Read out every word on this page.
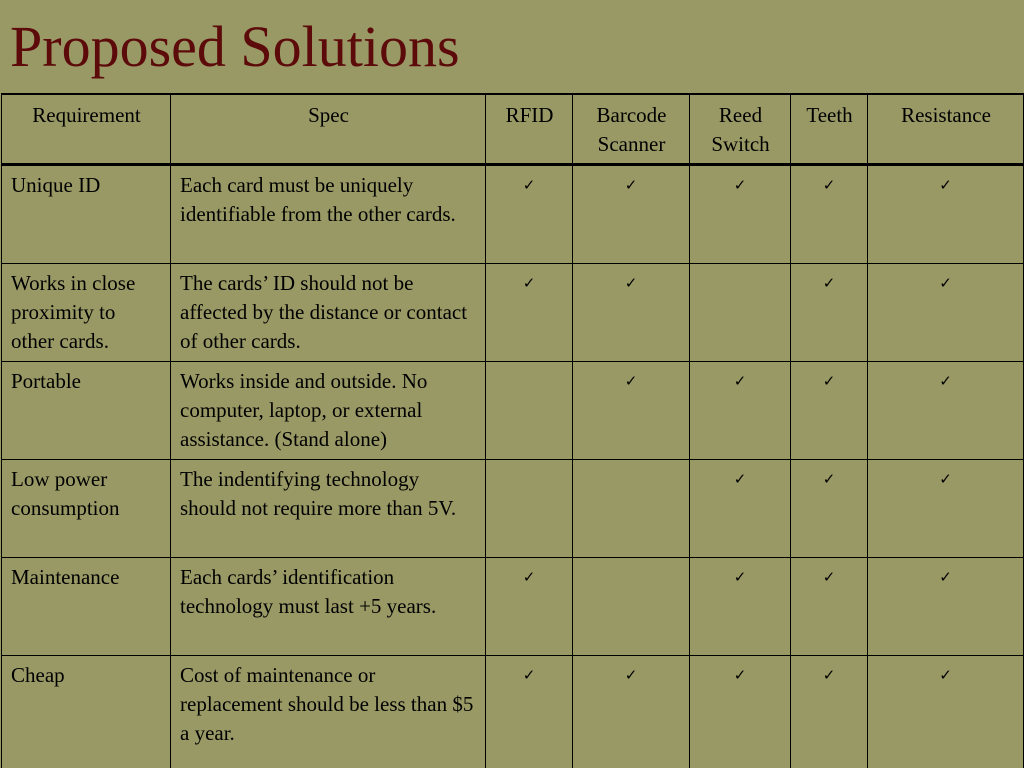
Proposed Solutions
Requirement	Spec	RFID	Barcode Scanner	Reed Switch	Teeth	Resistance
Unique ID	Each card must be uniquely identifiable from the other cards.	✓	✓	✓	✓	✓
Works in close proximity to other cards.	The cards’ ID should not be affected by the distance or contact of other cards.	✓	✓		✓	✓
Portable	Works inside and outside. No computer, laptop, or external assistance. (Stand alone)		✓	✓	✓	✓
Low power consumption	The indentifying technology should not require more than 5V.			✓	✓	✓
Maintenance	Each cards’ identification technology must last +5 years.	✓		✓	✓	✓
Cheap	Cost of maintenance or replacement should be less than $5 a year.	✓	✓	✓	✓	✓
